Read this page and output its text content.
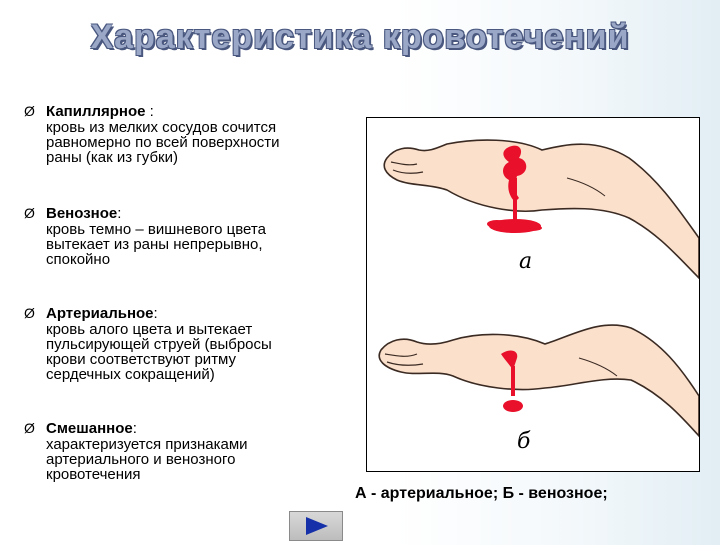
Характеристика кровотечений
Ø Капиллярное :
кровь из мелких сосудов сочится
равномерно по всей поверхности
раны (как из губки)
Ø Венозное:
кровь темно – вишневого цвета
вытекает из раны непрерывно,
спокойно
Ø Артериальное:
кровь алого цвета и вытекает
пульсирующей струей (выбросы
крови соответствуют ритму
сердечных сокращений)
Ø Смешанное:
характеризуется признаками
артериального и венозного
кровотечения
а
б
А - артериальное; Б - венозное;
